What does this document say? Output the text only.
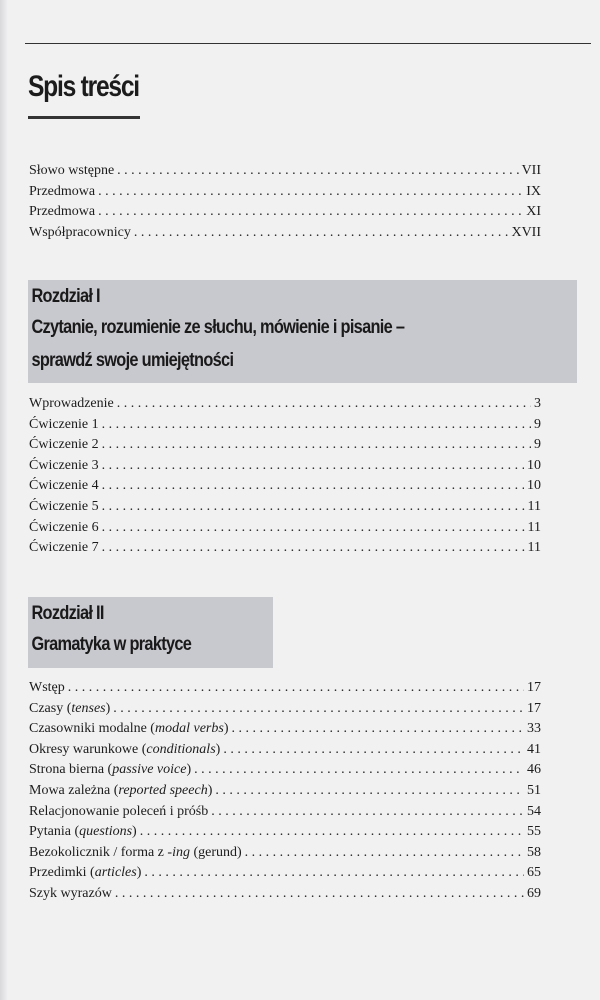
Spis treści
Słowo wstępne . . .	VII
Przedmowa . . .	IX
Przedmowa . . .	XI
Współpracownicy . . .	XVII
Rozdział I
Czytanie, rozumienie ze słuchu, mówienie i pisanie –
sprawdź swoje umiejętności
Wprowadzenie . . .	3
Ćwiczenie 1 . . .	9
Ćwiczenie 2 . . .	9
Ćwiczenie 3 . . .	10
Ćwiczenie 4 . . .	10
Ćwiczenie 5 . . .	11
Ćwiczenie 6 . . .	11
Ćwiczenie 7 . . .	11
Rozdział II
Gramatyka w praktyce
Wstęp . . .	17
Czasy (tenses) . . .	17
Czasowniki modalne (modal verbs) . . .	33
Okresy warunkowe (conditionals) . . .	41
Strona bierna (passive voice) . . .	46
Mowa zależna (reported speech) . . .	51
Relacjonowanie poleceń i próśb . . .	54
Pytania (questions) . . .	55
Bezokolicznik / forma z -ing (gerund) . . .	58
Przedimki (articles) . . .	65
Szyk wyrazów . . .	69
